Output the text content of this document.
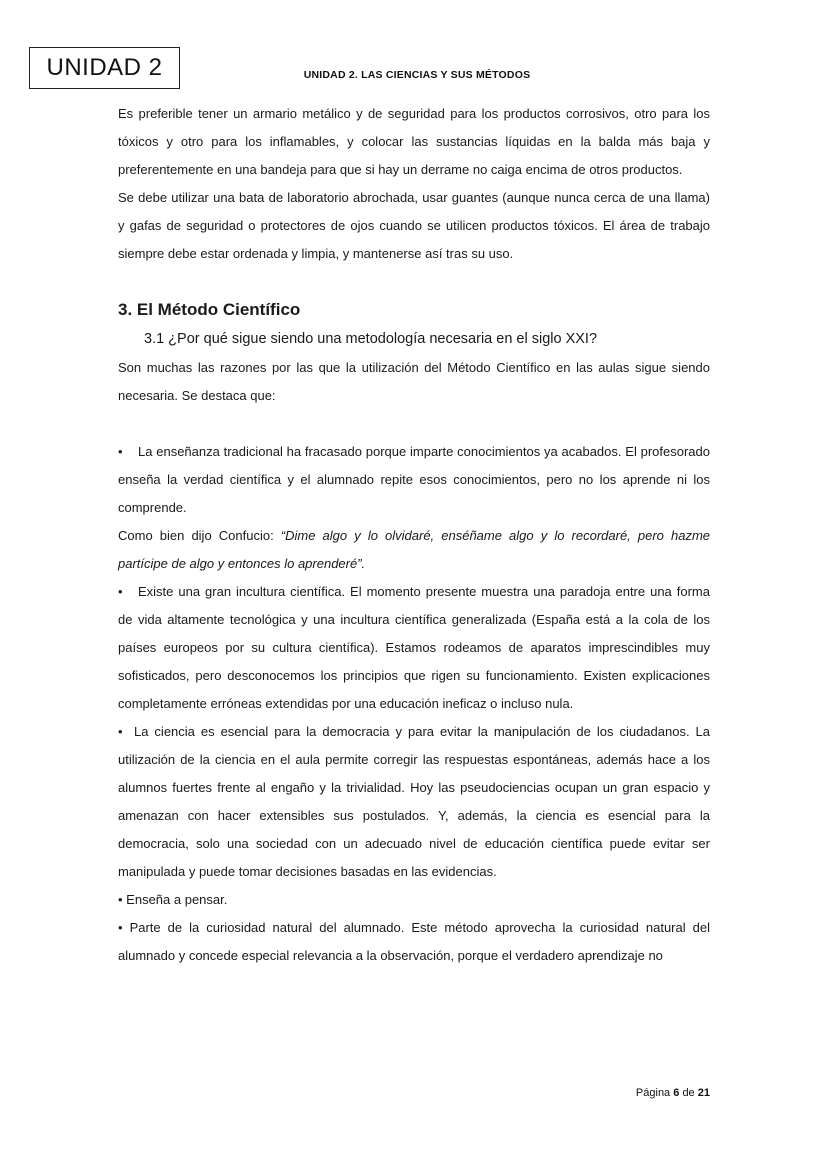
UNIDAD 2	UNIDAD 2. LAS CIENCIAS Y SUS MÉTODOS

Es preferible tener un armario metálico y de seguridad para los productos corrosivos, otro para los tóxicos y otro para los inflamables, y colocar las sustancias líquidas en la balda más baja y preferentemente en una bandeja para que si hay un derrame no caiga encima de otros productos.

Se debe utilizar una bata de laboratorio abrochada, usar guantes (aunque nunca cerca de una llama) y gafas de seguridad o protectores de ojos cuando se utilicen productos tóxicos. El área de trabajo siempre debe estar ordenada y limpia, y mantenerse así tras su uso.

3. El Método Científico
3.1 ¿Por qué sigue siendo una metodología necesaria en el siglo XXI?

Son muchas las razones por las que la utilización del Método Científico en las aulas sigue siendo necesaria. Se destaca que:

• La enseñanza tradicional ha fracasado porque imparte conocimientos ya acabados. El profesorado enseña la verdad científica y el alumnado repite esos conocimientos, pero no los aprende ni los comprende.

Como bien dijo Confucio: “Dime algo y lo olvidaré, enséñame algo y lo recordaré, pero hazme partícipe de algo y entonces lo aprenderé”.

• Existe una gran incultura científica. El momento presente muestra una paradoja entre una forma de vida altamente tecnológica y una incultura científica generalizada (España está a la cola de los países europeos por su cultura científica). Estamos rodeamos de aparatos imprescindibles muy sofisticados, pero desconocemos los principios que rigen su funcionamiento. Existen explicaciones completamente erróneas extendidas por una educación ineficaz o incluso nula.

• La ciencia es esencial para la democracia y para evitar la manipulación de los ciudadanos. La utilización de la ciencia en el aula permite corregir las respuestas espontáneas, además hace a los alumnos fuertes frente al engaño y la trivialidad. Hoy las pseudociencias ocupan un gran espacio y amenazan con hacer extensibles sus postulados. Y, además, la ciencia es esencial para la democracia, solo una sociedad con un adecuado nivel de educación científica puede evitar ser manipulada y puede tomar decisiones basadas en las evidencias.

• Enseña a pensar.

• Parte de la curiosidad natural del alumnado. Este método aprovecha la curiosidad natural del alumnado y concede especial relevancia a la observación, porque el verdadero aprendizaje no

Página 6 de 21
